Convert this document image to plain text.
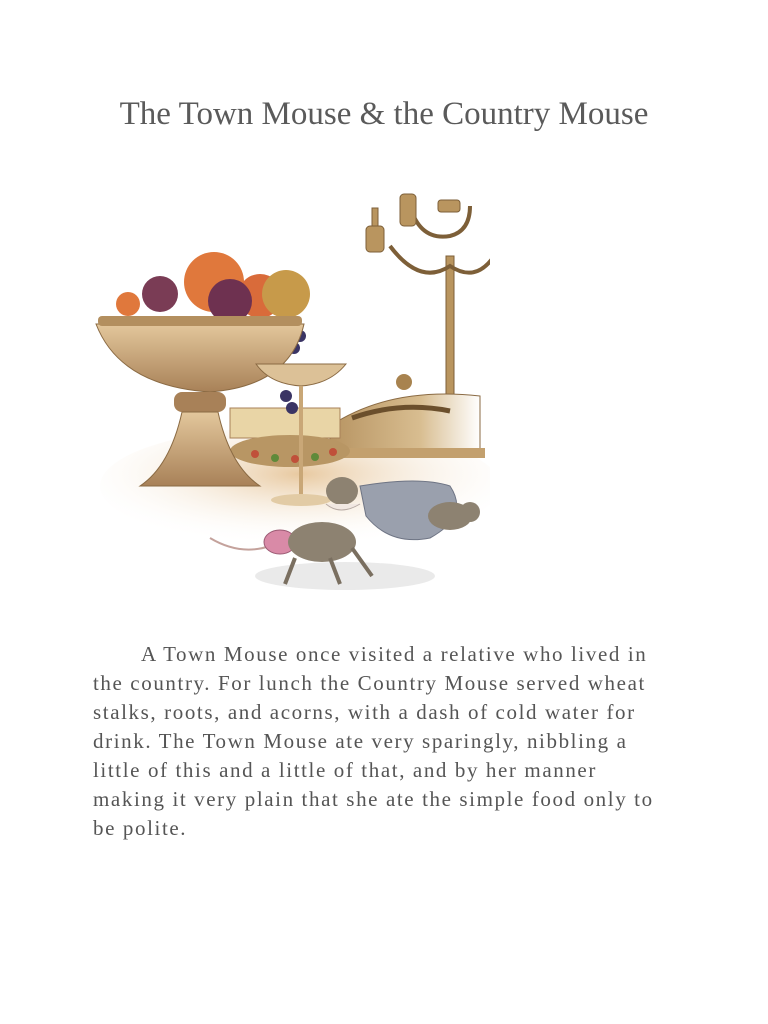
The Town Mouse & the Country Mouse

A Town Mouse once visited a relative who lived in the country. For lunch the Country Mouse served wheat stalks, roots, and acorns, with a dash of cold water for drink. The Town Mouse ate very sparingly, nibbling a little of this and a little of that, and by her manner making it very plain that she ate the simple food only to be polite.
